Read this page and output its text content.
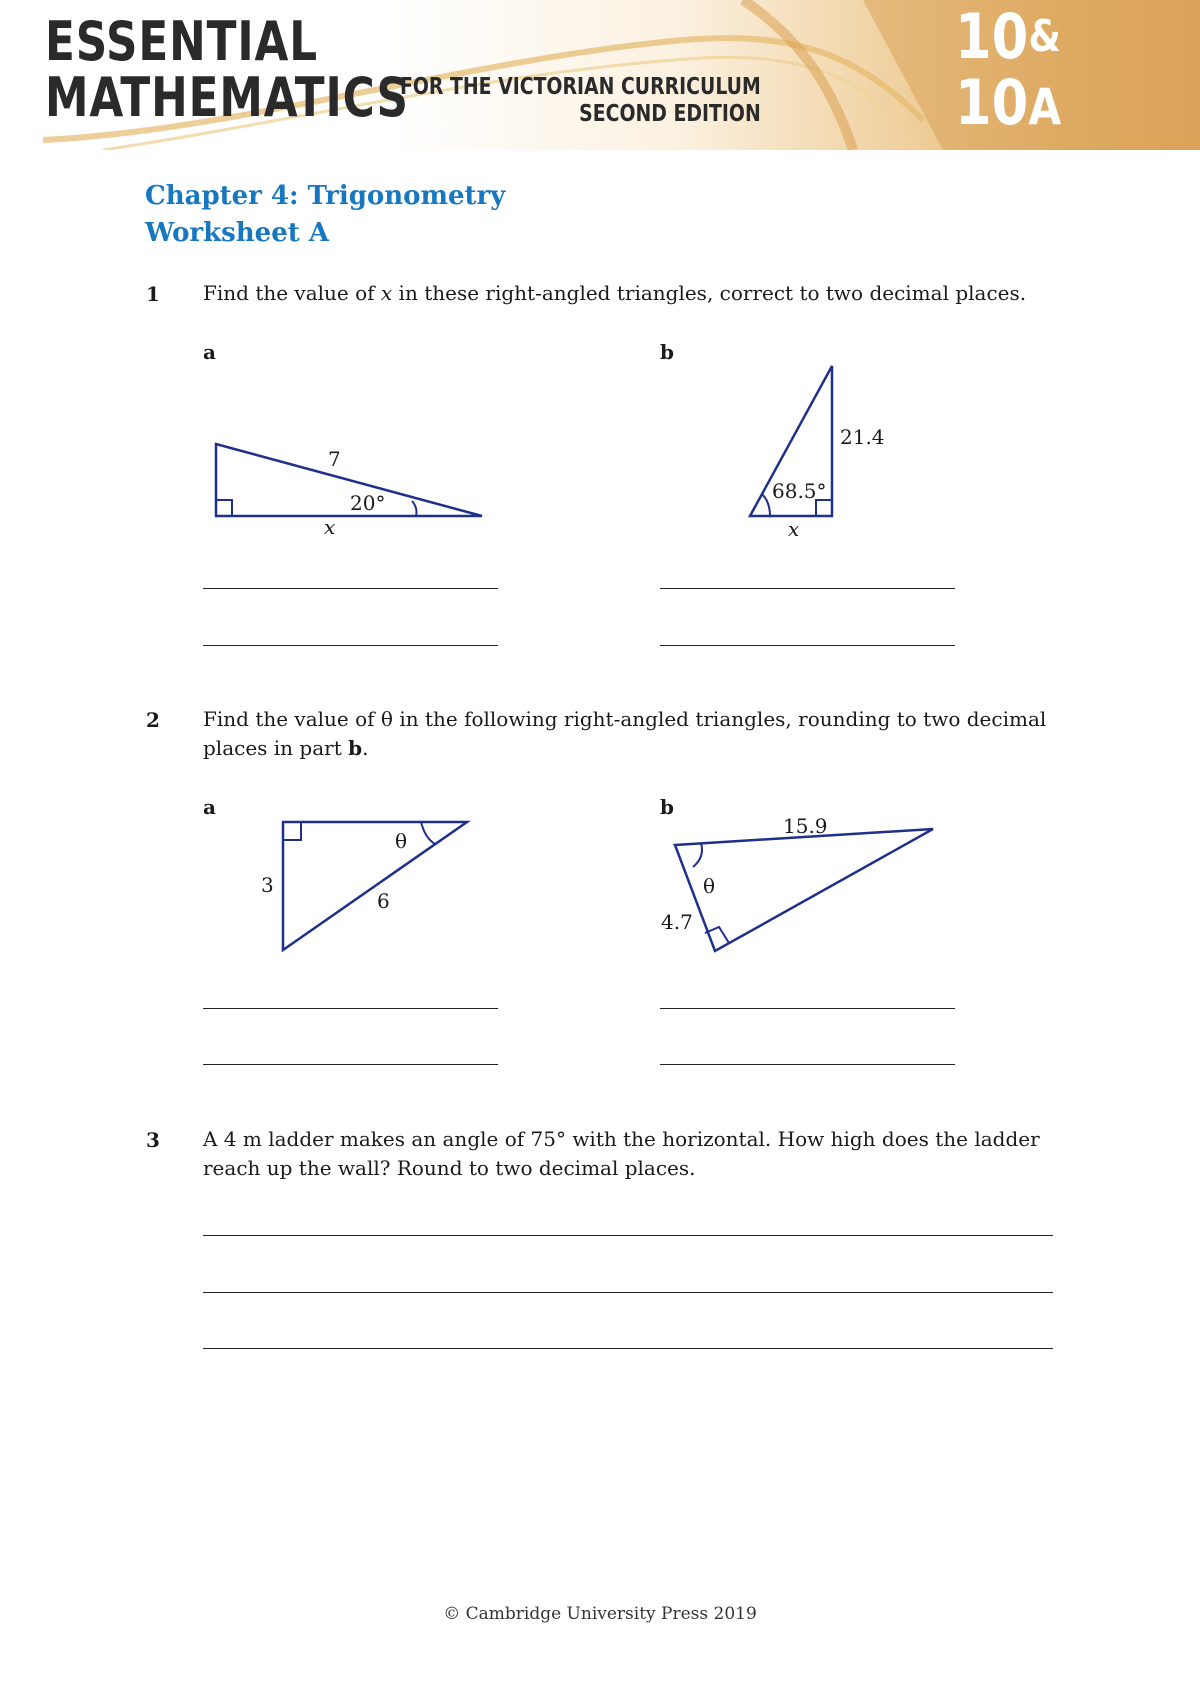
ESSENTIAL
MATHEMATICS
FOR THE VICTORIAN CURRICULUM
SECOND EDITION
10&
10A
Chapter 4: Trigonometry
Worksheet A
1 Find the value of x in these right-angled triangles, correct to two decimal places.
a	b
7
20°
x
21.4
68.5°
x
2 Find the value of θ in the following right-angled triangles, rounding to two decimal
places in part b.
a	b
θ
3
6
15.9
θ
4.7
3 A 4 m ladder makes an angle of 75° with the horizontal. How high does the ladder
reach up the wall? Round to two decimal places.
© Cambridge University Press 2019
